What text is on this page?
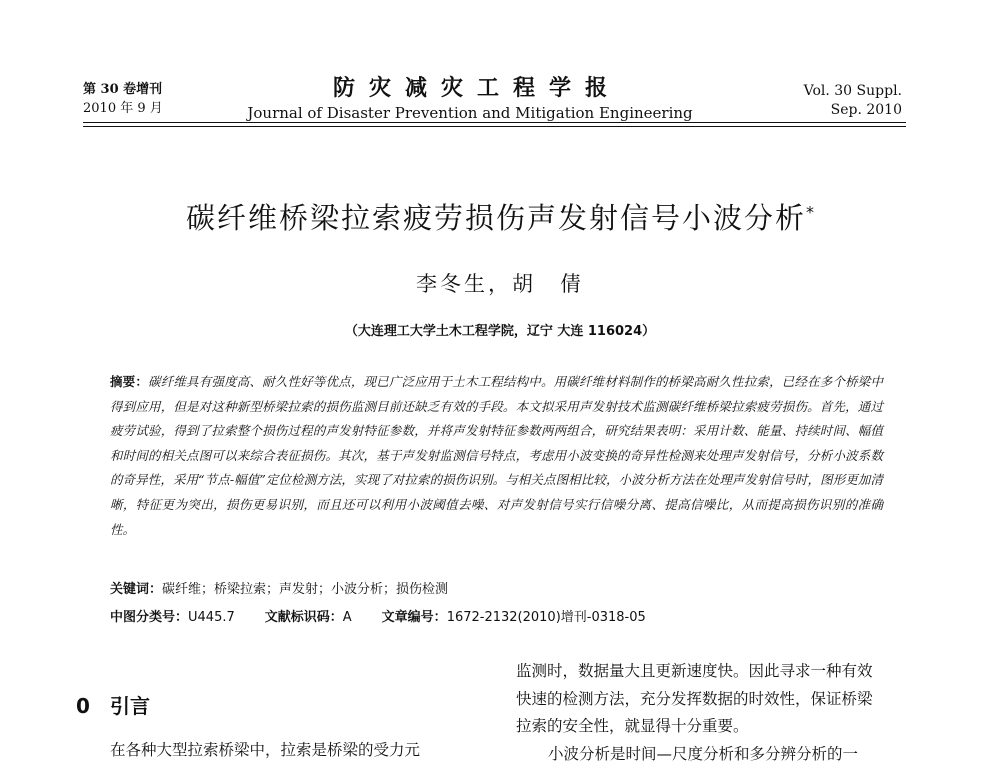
第 30 卷增刊
2010 年 9 月
防灾减灾工程学报
Journal of Disaster Prevention and Mitigation Engineering
Vol. 30 Suppl.
Sep. 2010
碳纤维桥梁拉索疲劳损伤声发射信号小波分析*
李冬生，胡　倩
（大连理工大学土木工程学院，辽宁 大连 116024）
摘要：碳纤维具有强度高、耐久性好等优点，现已广泛应用于土木工程结构中。用碳纤维材料制作的桥梁高耐久性拉索，已经在多个桥梁中得到应用，但是对这种新型桥梁拉索的损伤监测目前还缺乏有效的手段。本文拟采用声发射技术监测碳纤维桥梁拉索疲劳损伤。首先，通过疲劳试验，得到了拉索整个损伤过程的声发射特征参数，并将声发射特征参数两两组合，研究结果表明：采用计数、能量、持续时间、幅值和时间的相关点图可以来综合表征损伤。其次，基于声发射监测信号特点，考虑用小波变换的奇异性检测来处理声发射信号，分析小波系数的奇异性，采用“节点-幅值”定位检测方法，实现了对拉索的损伤识别。与相关点图相比较，小波分析方法在处理声发射信号时，图形更加清晰，特征更为突出，损伤更易识别，而且还可以利用小波阈值去噪、对声发射信号实行信噪分离、提高信噪比，从而提高损伤识别的准确性。
关键词：碳纤维；桥梁拉索；声发射；小波分析；损伤检测
中图分类号：U445.7 文献标识码：A 文章编号：1672-2132(2010)增刊-0318-05
0 引言
在各种大型拉索桥梁中，拉索是桥梁的受力元

监测时，数据量大且更新速度快。因此寻求一种有效

快速的检测方法，充分发挥数据的时效性，保证桥梁

拉索的安全性，就显得十分重要。

小波分析是时间—尺度分析和多分辨分析的一
